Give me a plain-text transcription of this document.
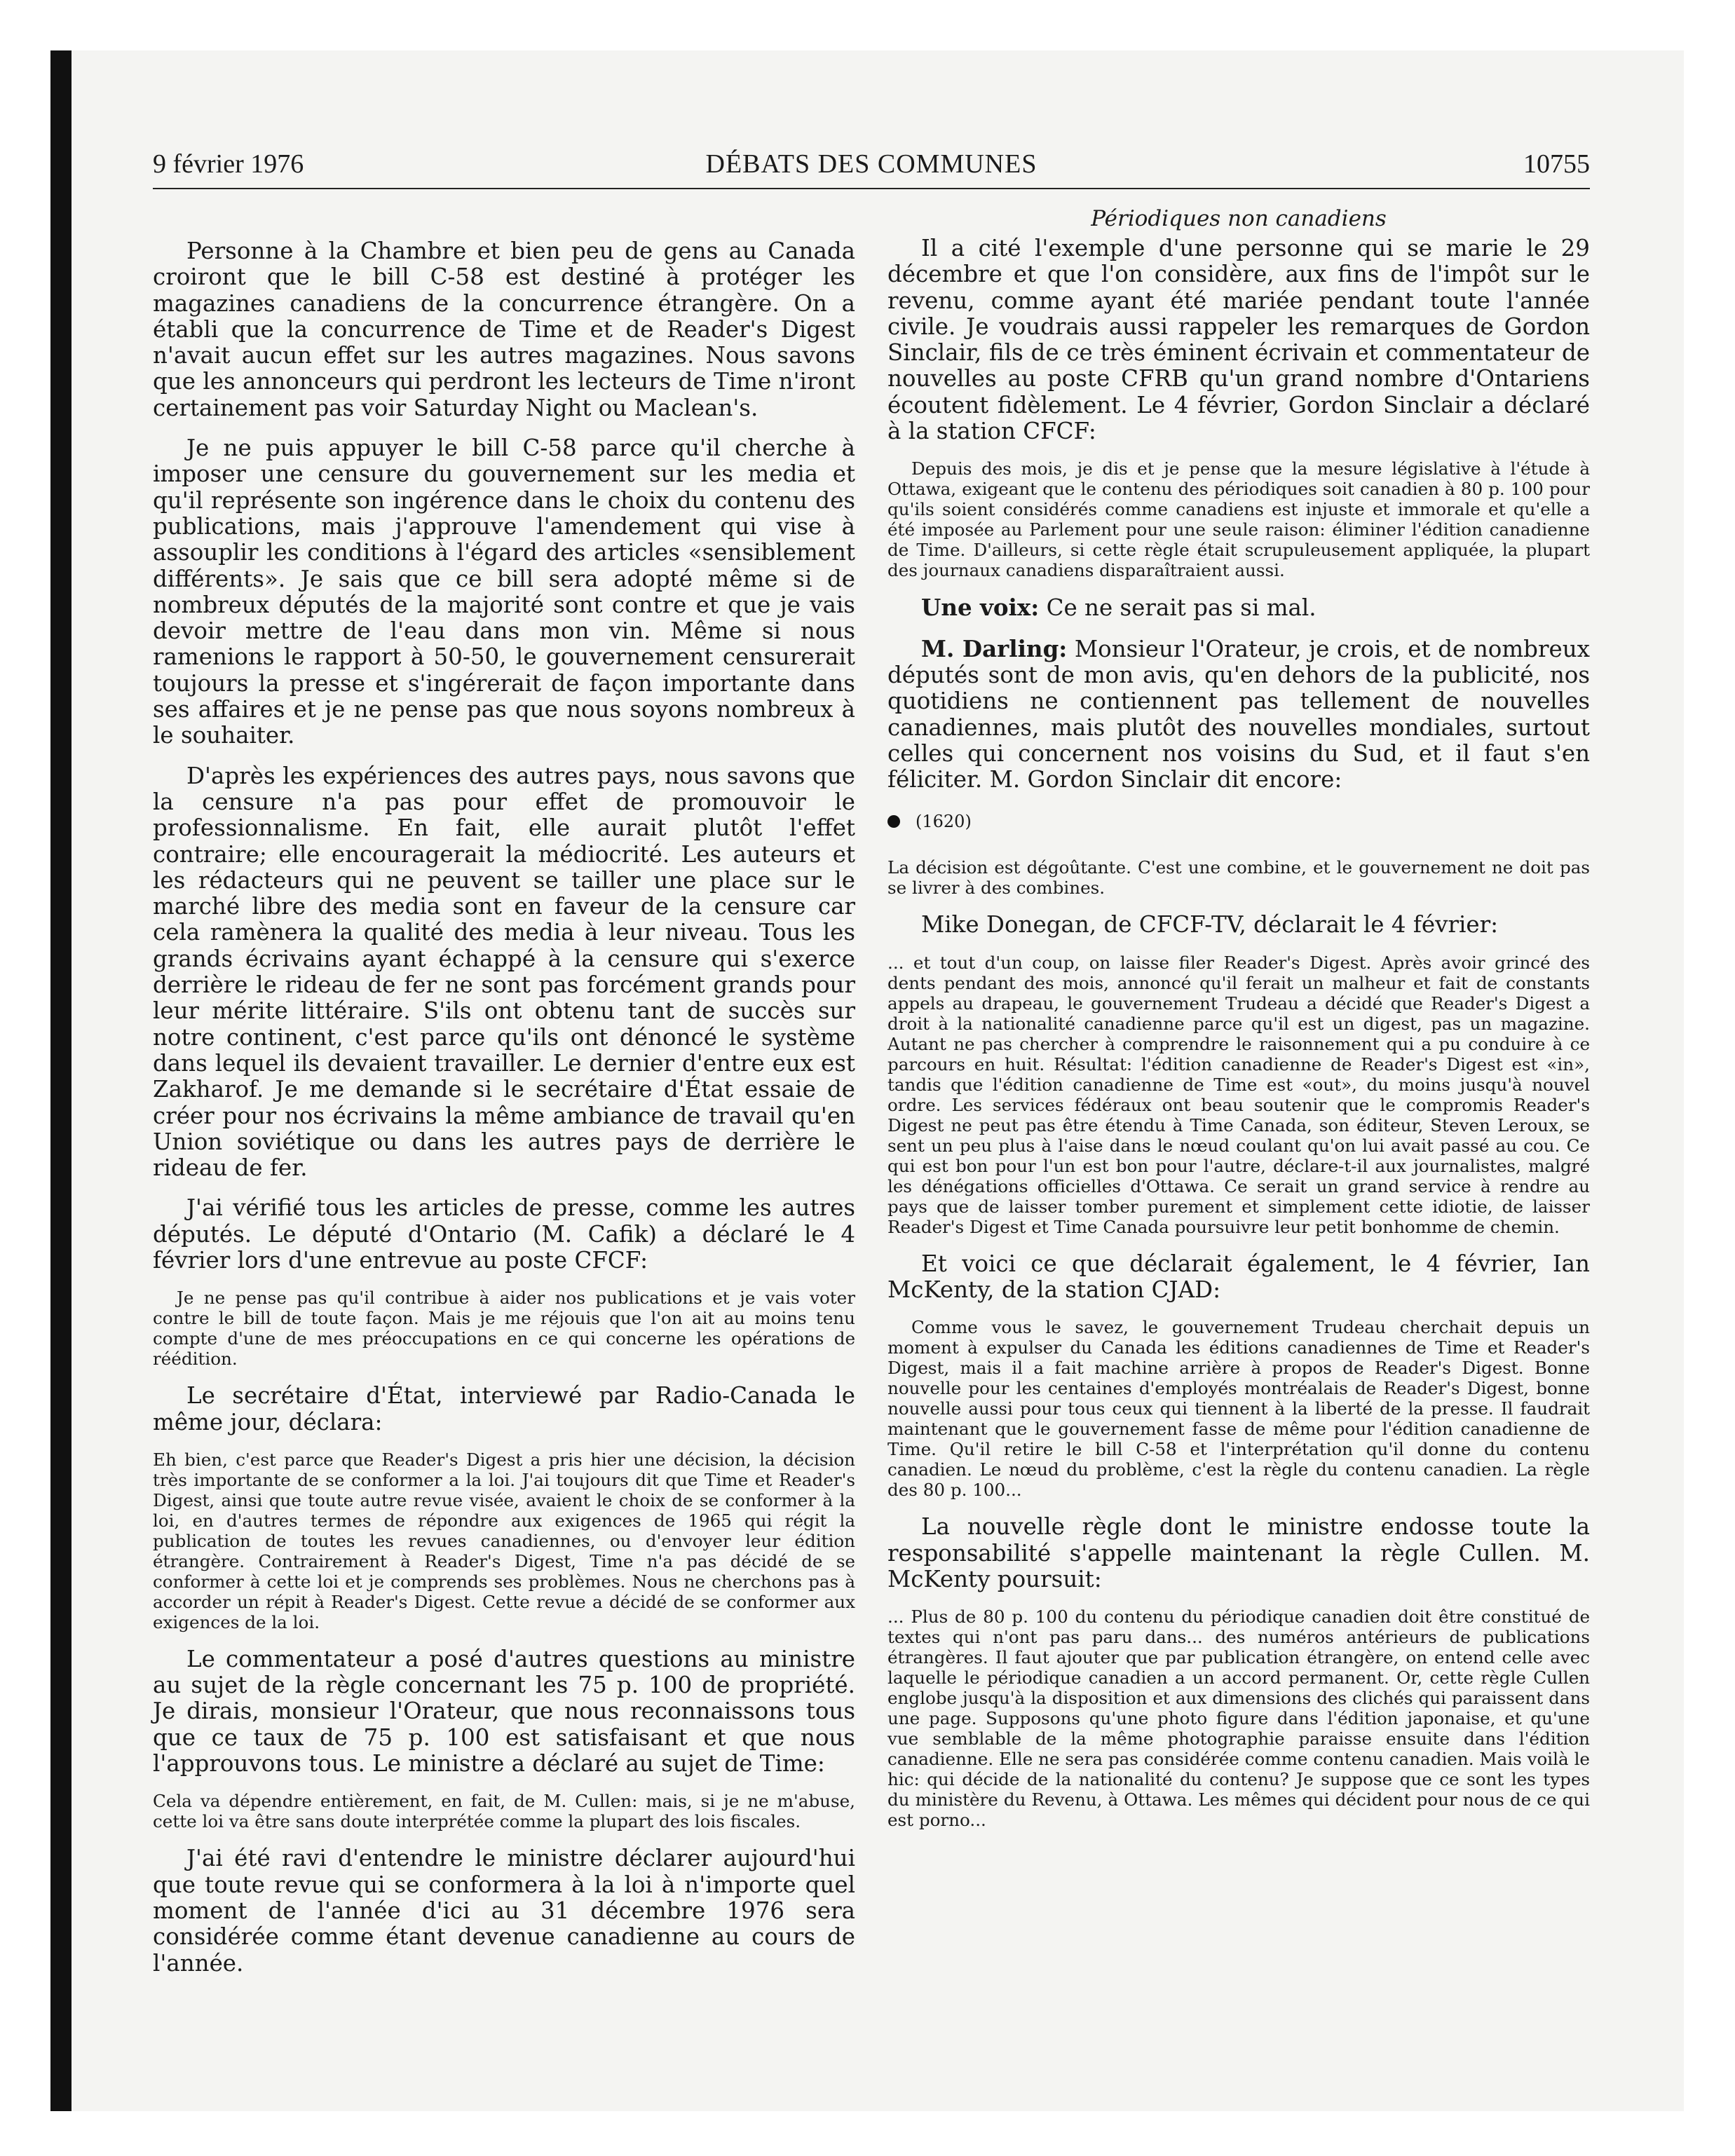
9 février 1976	DÉBATS DES COMMUNES	10755

Personne à la Chambre et bien peu de gens au Canada croiront que le bill C-58 est destiné à protéger les magazines canadiens de la concurrence étrangère. On a établi que la concurrence de Time et de Reader's Digest n'avait aucun effet sur les autres magazines. Nous savons que les annonceurs qui perdront les lecteurs de Time n'iront certainement pas voir Saturday Night ou Maclean's.

Je ne puis appuyer le bill C-58 parce qu'il cherche à imposer une censure du gouvernement sur les media et qu'il représente son ingérence dans le choix du contenu des publications, mais j'approuve l'amendement qui vise à assouplir les conditions à l'égard des articles «sensiblement différents». Je sais que ce bill sera adopté même si de nombreux députés de la majorité sont contre et que je vais devoir mettre de l'eau dans mon vin. Même si nous ramenions le rapport à 50-50, le gouvernement censurerait toujours la presse et s'ingérerait de façon importante dans ses affaires et je ne pense pas que nous soyons nombreux à le souhaiter.

D'après les expériences des autres pays, nous savons que la censure n'a pas pour effet de promouvoir le professionnalisme. En fait, elle aurait plutôt l'effet contraire; elle encouragerait la médiocrité. Les auteurs et les rédacteurs qui ne peuvent se tailler une place sur le marché libre des media sont en faveur de la censure car cela ramènera la qualité des media à leur niveau. Tous les grands écrivains ayant échappé à la censure qui s'exerce derrière le rideau de fer ne sont pas forcément grands pour leur mérite littéraire. S'ils ont obtenu tant de succès sur notre continent, c'est parce qu'ils ont dénoncé le système dans lequel ils devaient travailler. Le dernier d'entre eux est Zakharof. Je me demande si le secrétaire d'État essaie de créer pour nos écrivains la même ambiance de travail qu'en Union soviétique ou dans les autres pays de derrière le rideau de fer.

J'ai vérifié tous les articles de presse, comme les autres députés. Le député d'Ontario (M. Cafik) a déclaré le 4 février lors d'une entrevue au poste CFCF:

Je ne pense pas qu'il contribue à aider nos publications et je vais voter contre le bill de toute façon. Mais je me réjouis que l'on ait au moins tenu compte d'une de mes préoccupations en ce qui concerne les opérations de réédition.

Le secrétaire d'État, interviewé par Radio-Canada le même jour, déclara:

Eh bien, c'est parce que Reader's Digest a pris hier une décision, la décision très importante de se conformer a la loi. J'ai toujours dit que Time et Reader's Digest, ainsi que toute autre revue visée, avaient le choix de se conformer à la loi, en d'autres termes de répondre aux exigences de 1965 qui régit la publication de toutes les revues canadiennes, ou d'envoyer leur édition étrangère. Contrairement à Reader's Digest, Time n'a pas décidé de se conformer à cette loi et je comprends ses problèmes. Nous ne cherchons pas à accorder un répit à Reader's Digest. Cette revue a décidé de se conformer aux exigences de la loi.

Le commentateur a posé d'autres questions au ministre au sujet de la règle concernant les 75 p. 100 de propriété. Je dirais, monsieur l'Orateur, que nous reconnaissons tous que ce taux de 75 p. 100 est satisfaisant et que nous l'approuvons tous. Le ministre a déclaré au sujet de Time:

Cela va dépendre entièrement, en fait, de M. Cullen: mais, si je ne m'abuse, cette loi va être sans doute interprétée comme la plupart des lois fiscales.

J'ai été ravi d'entendre le ministre déclarer aujourd'hui que toute revue qui se conformera à la loi à n'importe quel moment de l'année d'ici au 31 décembre 1976 sera considérée comme étant devenue canadienne au cours de l'année.

Périodiques non canadiens

Il a cité l'exemple d'une personne qui se marie le 29 décembre et que l'on considère, aux fins de l'impôt sur le revenu, comme ayant été mariée pendant toute l'année civile. Je voudrais aussi rappeler les remarques de Gordon Sinclair, fils de ce très éminent écrivain et commentateur de nouvelles au poste CFRB qu'un grand nombre d'Ontariens écoutent fidèlement. Le 4 février, Gordon Sinclair a déclaré à la station CFCF:

Depuis des mois, je dis et je pense que la mesure législative à l'étude à Ottawa, exigeant que le contenu des périodiques soit canadien à 80 p. 100 pour qu'ils soient considérés comme canadiens est injuste et immorale et qu'elle a été imposée au Parlement pour une seule raison: éliminer l'édition canadienne de Time. D'ailleurs, si cette règle était scrupuleusement appliquée, la plupart des journaux canadiens disparaîtraient aussi.

Une voix: Ce ne serait pas si mal.

M. Darling: Monsieur l'Orateur, je crois, et de nombreux députés sont de mon avis, qu'en dehors de la publicité, nos quotidiens ne contiennent pas tellement de nouvelles canadiennes, mais plutôt des nouvelles mondiales, surtout celles qui concernent nos voisins du Sud, et il faut s'en féliciter. M. Gordon Sinclair dit encore:

(1620)

La décision est dégoûtante. C'est une combine, et le gouvernement ne doit pas se livrer à des combines.

Mike Donegan, de CFCF-TV, déclarait le 4 février:

... et tout d'un coup, on laisse filer Reader's Digest. Après avoir grincé des dents pendant des mois, annoncé qu'il ferait un malheur et fait de constants appels au drapeau, le gouvernement Trudeau a décidé que Reader's Digest a droit à la nationalité canadienne parce qu'il est un digest, pas un magazine. Autant ne pas chercher à comprendre le raisonnement qui a pu conduire à ce parcours en huit. Résultat: l'édition canadienne de Reader's Digest est «in», tandis que l'édition canadienne de Time est «out», du moins jusqu'à nouvel ordre. Les services fédéraux ont beau soutenir que le compromis Reader's Digest ne peut pas être étendu à Time Canada, son éditeur, Steven Leroux, se sent un peu plus à l'aise dans le nœud coulant qu'on lui avait passé au cou. Ce qui est bon pour l'un est bon pour l'autre, déclare-t-il aux journalistes, malgré les dénégations officielles d'Ottawa. Ce serait un grand service à rendre au pays que de laisser tomber purement et simplement cette idiotie, de laisser Reader's Digest et Time Canada poursuivre leur petit bonhomme de chemin.

Et voici ce que déclarait également, le 4 février, Ian McKenty, de la station CJAD:

Comme vous le savez, le gouvernement Trudeau cherchait depuis un moment à expulser du Canada les éditions canadiennes de Time et Reader's Digest, mais il a fait machine arrière à propos de Reader's Digest. Bonne nouvelle pour les centaines d'employés montréalais de Reader's Digest, bonne nouvelle aussi pour tous ceux qui tiennent à la liberté de la presse. Il faudrait maintenant que le gouvernement fasse de même pour l'édition canadienne de Time. Qu'il retire le bill C-58 et l'interprétation qu'il donne du contenu canadien. Le nœud du problème, c'est la règle du contenu canadien. La règle des 80 p. 100...

La nouvelle règle dont le ministre endosse toute la responsabilité s'appelle maintenant la règle Cullen. M. McKenty poursuit:

... Plus de 80 p. 100 du contenu du périodique canadien doit être constitué de textes qui n'ont pas paru dans... des numéros antérieurs de publications étrangères. Il faut ajouter que par publication étrangère, on entend celle avec laquelle le périodique canadien a un accord permanent. Or, cette règle Cullen englobe jusqu'à la disposition et aux dimensions des clichés qui paraissent dans une page. Supposons qu'une photo figure dans l'édition japonaise, et qu'une vue semblable de la même photographie paraisse ensuite dans l'édition canadienne. Elle ne sera pas considérée comme contenu canadien. Mais voilà le hic: qui décide de la nationalité du contenu? Je suppose que ce sont les types du ministère du Revenu, à Ottawa. Les mêmes qui décident pour nous de ce qui est porno...
